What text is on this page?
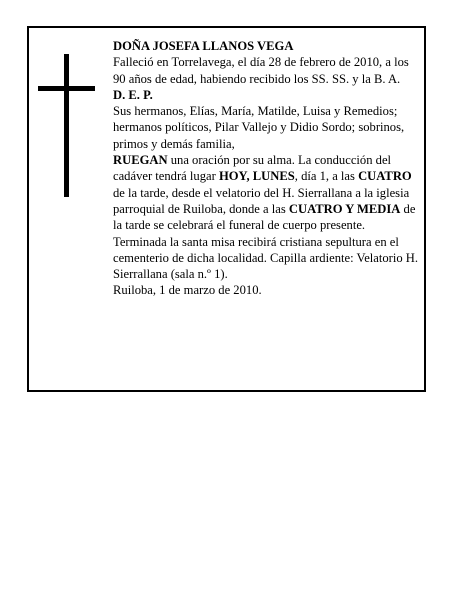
DOÑA JOSEFA LLANOS VEGA

Falleció en Torrelavega, el día 28 de febrero de 2010, a los 90 años de edad, habiendo recibido los SS. SS. y la B. A.

D. E. P.

Sus hermanos, Elías, María, Matilde, Luisa y Remedios; hermanos políticos, Pilar Vallejo y Didio Sordo; sobrinos, primos y demás familia,

RUEGAN una oración por su alma. La conducción del cadáver tendrá lugar HOY, LUNES, día 1, a las CUATRO de la tarde, desde el velatorio del H. Sierrallana a la iglesia parroquial de Ruiloba, donde a las CUATRO Y MEDIA de la tarde se celebrará el funeral de cuerpo presente. Terminada la santa misa recibirá cristiana sepultura en el cementerio de dicha localidad. Capilla ardiente: Velatorio H. Sierrallana (sala n.º 1).

Ruiloba, 1 de marzo de 2010.
